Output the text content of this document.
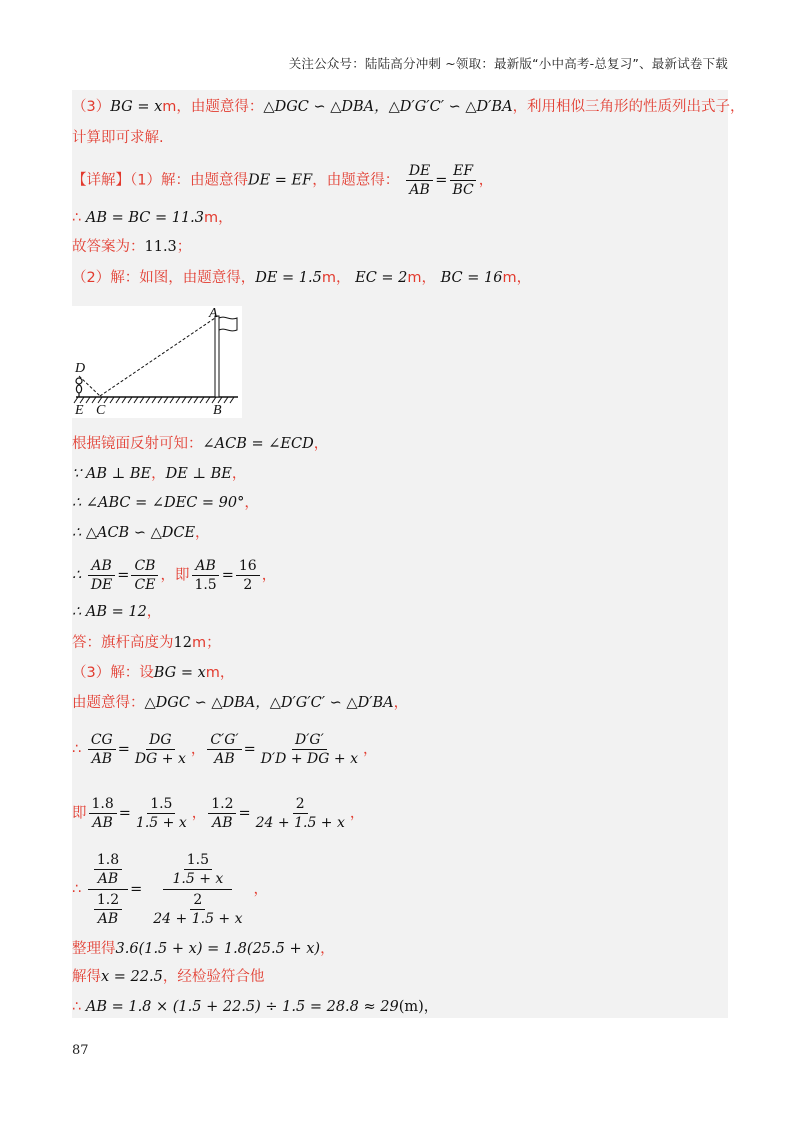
关注公众号：陆陆高分冲刺 ~领取：最新版“小中高考-总复习”、最新试卷下载
（3）BG = xm，由题意得：△DGC ∽ △DBA，△D′G′C′ ∽ △D′BA，利用相似三角形的性质列出式子，
计算即可求解.
【详解】（1）解：由题意得DE = EF，由题意得： $\frac{DE}{AB} = \frac{EF}{BC}$ ，
∴ AB = BC = 11.3m，
故答案为：11.3；
（2）解：如图，由题意得，DE = 1.5m， EC = 2m， BC = 16m，
D
E C	B
A
根据镜面反射可知：∠ACB = ∠ECD，
∵ AB ⊥ BE，DE ⊥ BE，
∴ ∠ABC = ∠DEC = 90°，
∴ △ACB ∽ △DCE，
∴ $\frac{AB}{DE} = \frac{CB}{CE}$ ，即 $\frac{AB}{1.5} = \frac{16}{2}$ ，
∴ AB = 12，
答：旗杆高度为12m；
（3）解：设BG = xm，
由题意得：△DGC ∽ △DBA，△D′G′C′ ∽ △D′BA，
∴ $\frac{CG}{AB} = \frac{DG}{DG + x}$ ， $\frac{C'G'}{AB} = \frac{D'G'}{D'D + DG + x}$ ，
即 $\frac{1.8}{AB} = \frac{1.5}{1.5 + x}$ ， $\frac{1.2}{AB} = \frac{2}{24 + 1.5 + x}$ ，
∴ $\frac{\frac{1.8}{AB}}{\frac{1.2}{AB}} = \frac{\frac{1.5}{1.5 + x}}{\frac{2}{24 + 1.5 + x}}$ ，
整理得3.6(1.5 + x) = 1.8(25.5 + x)，
解得x = 22.5，经检验符合他
∴ AB = 1.8 × (1.5 + 22.5) ÷ 1.5 = 28.8 ≈ 29(m)，
87
